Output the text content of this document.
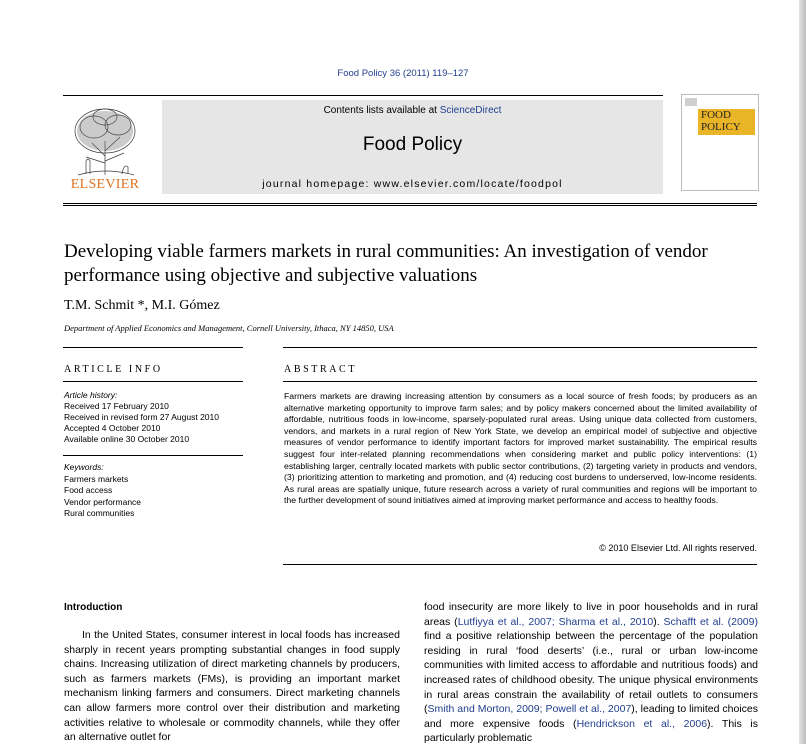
Food Policy 36 (2011) 119–127
ELSEVIER
Contents lists available at ScienceDirect
Food Policy
journal homepage: www.elsevier.com/locate/foodpol
FOOD
POLICY
Developing viable farmers markets in rural communities: An investigation of vendor performance using objective and subjective valuations
T.M. Schmit *, M.I. Gómez
Department of Applied Economics and Management, Cornell University, Ithaca, NY 14850, USA
ARTICLE INFO	ABSTRACT
Article history:
Received 17 February 2010
Received in revised form 27 August 2010
Accepted 4 October 2010
Available online 30 October 2010
Keywords:
Farmers markets
Food access
Vendor performance
Rural communities

Farmers markets are drawing increasing attention by consumers as a local source of fresh foods; by producers as an alternative marketing opportunity to improve farm sales; and by policy makers concerned about the limited availability of affordable, nutritious foods in low-income, sparsely-populated rural areas. Using unique data collected from customers, vendors, and markets in a rural region of New York State, we develop an empirical model of subjective and objective measures of vendor performance to identify important factors for improved market sustainability. The empirical results suggest four inter-related planning recommendations when considering market and public policy interventions: (1) establishing larger, centrally located markets with public sector contributions, (2) targeting variety in products and vendors, (3) prioritizing attention to marketing and promotion, and (4) reducing cost burdens to underserved, low-income residents. As rural areas are spatially unique, future research across a variety of rural communities and regions will be important to the further development of sound initiatives aimed at improving market performance and access to healthy foods.

© 2010 Elsevier Ltd. All rights reserved.
Introduction

In the United States, consumer interest in local foods has increased sharply in recent years prompting substantial changes in food supply chains. Increasing utilization of direct marketing channels by producers, such as farmers markets (FMs), is providing an important market mechanism linking farmers and consumers. Direct marketing channels can allow farmers more control over their distribution and marketing activities relative to wholesale or commodity channels, while they offer an alternative outlet for

food insecurity are more likely to live in poor households and in rural areas (Lutfiyya et al., 2007; Sharma et al., 2010). Schafft et al. (2009) find a positive relationship between the percentage of the population residing in rural ‘food deserts’ (i.e., rural or urban low-income communities with limited access to affordable and nutritious foods) and increased rates of childhood obesity. The unique physical environments in rural areas constrain the availability of retail outlets to consumers (Smith and Morton, 2009; Powell et al., 2007), leading to limited choices and more expensive foods (Hendrickson et al., 2006). This is particularly problematic
